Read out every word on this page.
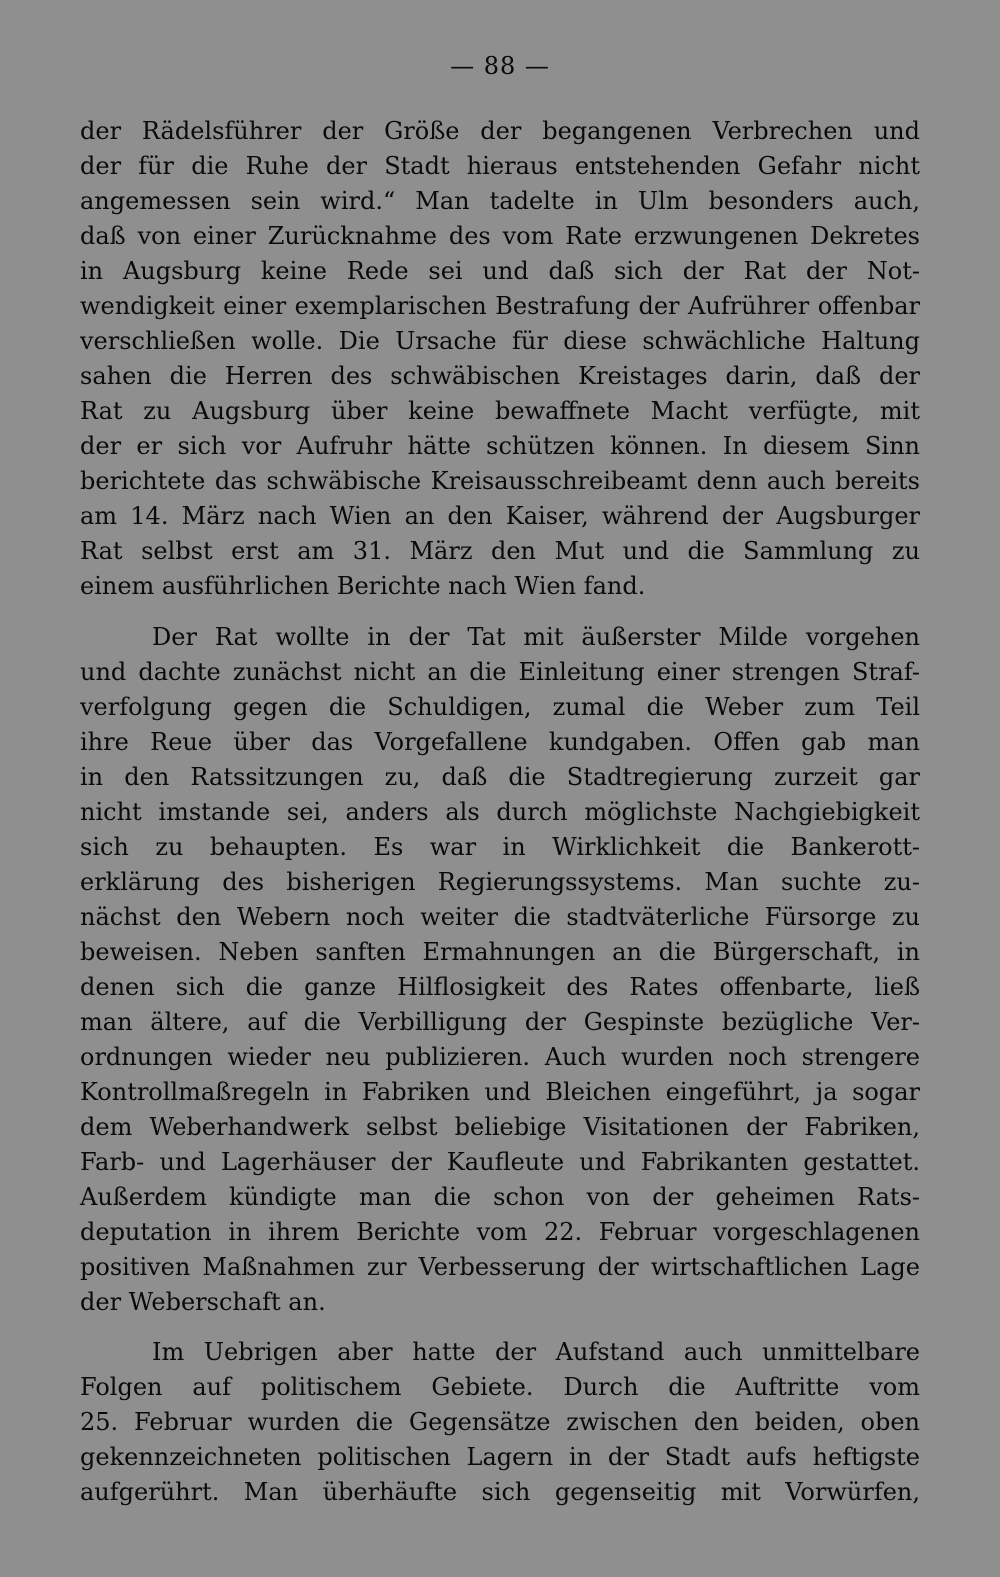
— 88 —
der Rädelsführer der Größe der begangenen Verbrechen und
der für die Ruhe der Stadt hieraus entstehenden Gefahr nicht
angemessen sein wird.“ Man tadelte in Ulm besonders auch,
daß von einer Zurücknahme des vom Rate erzwungenen Dekretes
in Augsburg keine Rede sei und daß sich der Rat der Not-
wendigkeit einer exemplarischen Bestrafung der Aufrührer offenbar
verschließen wolle. Die Ursache für diese schwächliche Haltung
sahen die Herren des schwäbischen Kreistages darin, daß der
Rat zu Augsburg über keine bewaffnete Macht verfügte, mit
der er sich vor Aufruhr hätte schützen können. In diesem Sinn
berichtete das schwäbische Kreisausschreibeamt denn auch bereits
am 14. März nach Wien an den Kaiser, während der Augsburger
Rat selbst erst am 31. März den Mut und die Sammlung zu
einem ausführlichen Berichte nach Wien fand.
Der Rat wollte in der Tat mit äußerster Milde vorgehen
und dachte zunächst nicht an die Einleitung einer strengen Straf-
verfolgung gegen die Schuldigen, zumal die Weber zum Teil
ihre Reue über das Vorgefallene kundgaben. Offen gab man
in den Ratssitzungen zu, daß die Stadtregierung zurzeit gar
nicht imstande sei, anders als durch möglichste Nachgiebigkeit
sich zu behaupten. Es war in Wirklichkeit die Bankerott-
erklärung des bisherigen Regierungssystems. Man suchte zu-
nächst den Webern noch weiter die stadtväterliche Fürsorge zu
beweisen. Neben sanften Ermahnungen an die Bürgerschaft, in
denen sich die ganze Hilflosigkeit des Rates offenbarte, ließ
man ältere, auf die Verbilligung der Gespinste bezügliche Ver-
ordnungen wieder neu publizieren. Auch wurden noch strengere
Kontrollmaßregeln in Fabriken und Bleichen eingeführt, ja sogar
dem Weberhandwerk selbst beliebige Visitationen der Fabriken,
Farb- und Lagerhäuser der Kaufleute und Fabrikanten gestattet.
Außerdem kündigte man die schon von der geheimen Rats-
deputation in ihrem Berichte vom 22. Februar vorgeschlagenen
positiven Maßnahmen zur Verbesserung der wirtschaftlichen Lage
der Weberschaft an.
Im Uebrigen aber hatte der Aufstand auch unmittelbare
Folgen auf politischem Gebiete. Durch die Auftritte vom
25. Februar wurden die Gegensätze zwischen den beiden, oben
gekennzeichneten politischen Lagern in der Stadt aufs heftigste
aufgerührt. Man überhäufte sich gegenseitig mit Vorwürfen,
